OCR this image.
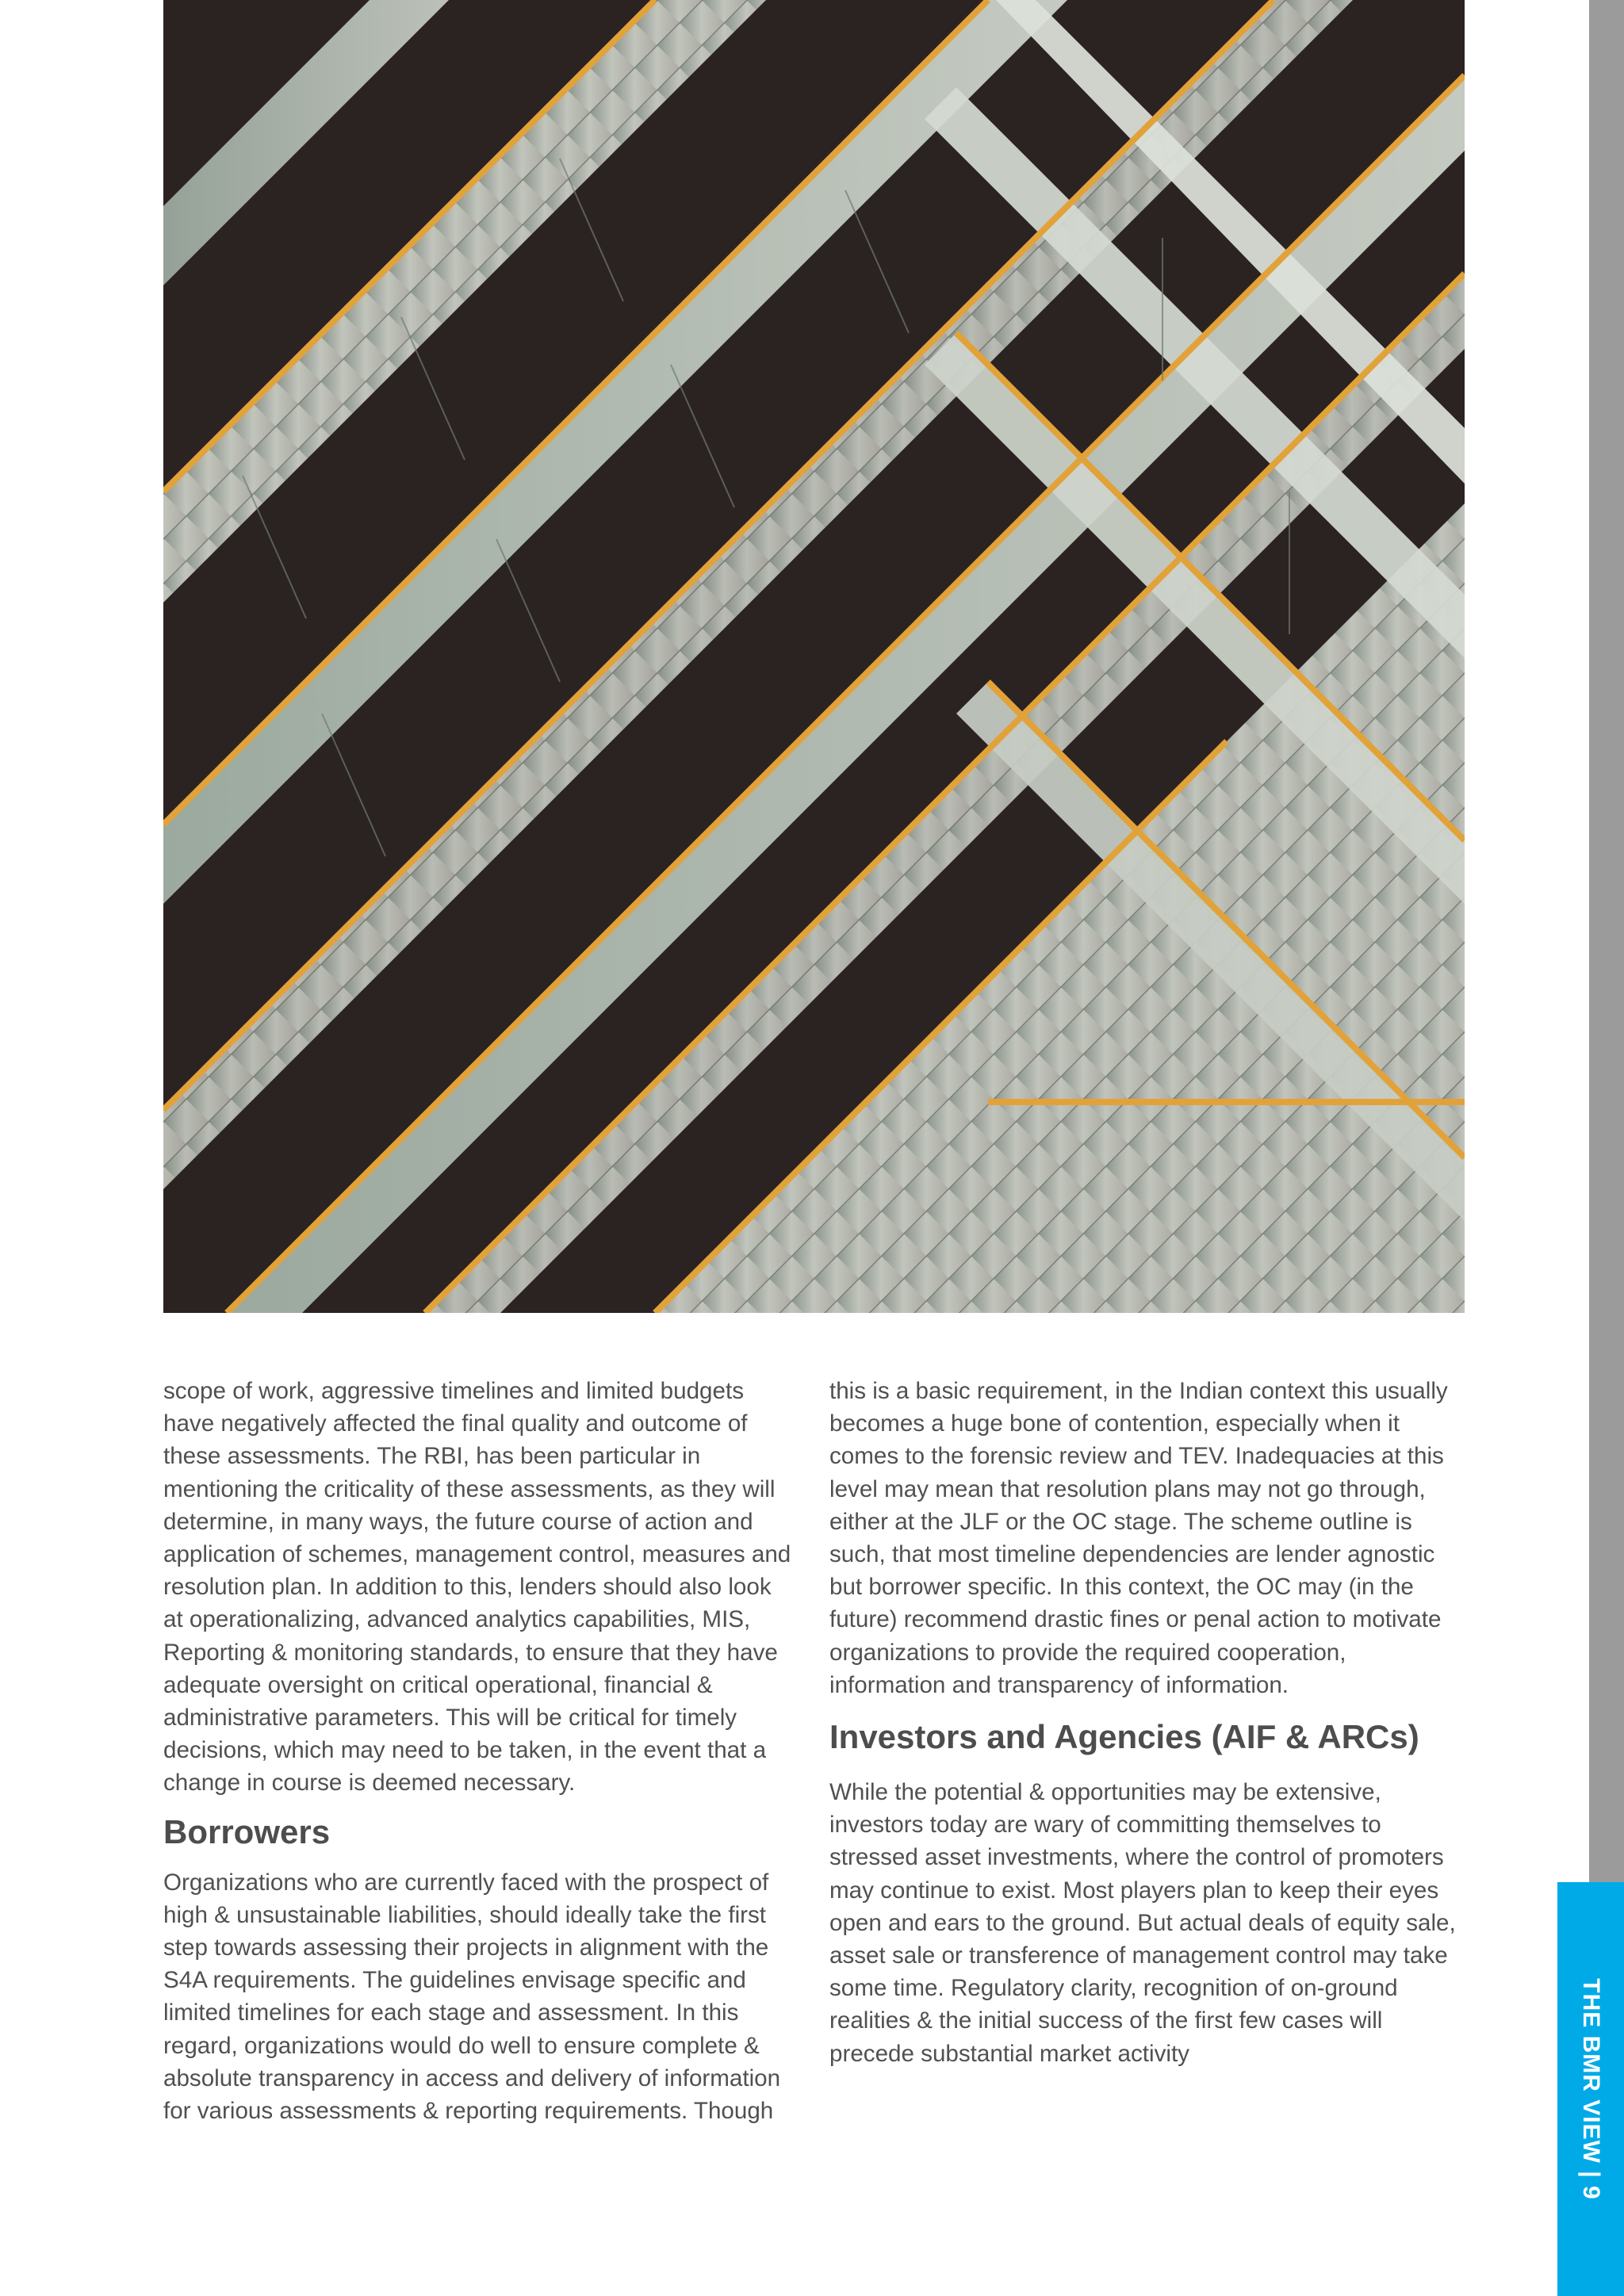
THE BMR VIEW | 9

scope of work, aggressive timelines and limited budgets have negatively affected the final quality and outcome of these assessments. The RBI, has been particular in mentioning the criticality of these assessments, as they will determine, in many ways, the future course of action and application of schemes, management control, measures and resolution plan. In addition to this, lenders should also look at operationalizing, advanced analytics capabilities, MIS, Reporting & monitoring standards, to ensure that they have adequate oversight on critical operational, financial & administrative parameters. This will be critical for timely decisions, which may need to be taken, in the event that a change in course is deemed necessary.

Borrowers

Organizations who are currently faced with the prospect of high & unsustainable liabilities, should ideally take the first step towards assessing their projects in alignment with the S4A requirements. The guidelines envisage specific and limited timelines for each stage and assessment. In this regard, organizations would do well to ensure complete & absolute transparency in access and delivery of information for various assessments & reporting requirements. Though

this is a basic requirement, in the Indian context this usually becomes a huge bone of contention, especially when it comes to the forensic review and TEV. Inadequacies at this level may mean that resolution plans may not go through, either at the JLF or the OC stage. The scheme outline is such, that most timeline dependencies are lender agnostic but borrower specific. In this context, the OC may (in the future) recommend drastic fines or penal action to motivate organizations to provide the required cooperation, information and transparency of information.

Investors and Agencies (AIF & ARCs)

While the potential & opportunities may be extensive, investors today are wary of committing themselves to stressed asset investments, where the control of promoters may continue to exist. Most players plan to keep their eyes open and ears to the ground. But actual deals of equity sale, asset sale or transference of management control may take some time. Regulatory clarity, recognition of on-ground realities & the initial success of the first few cases will precede substantial market activity
